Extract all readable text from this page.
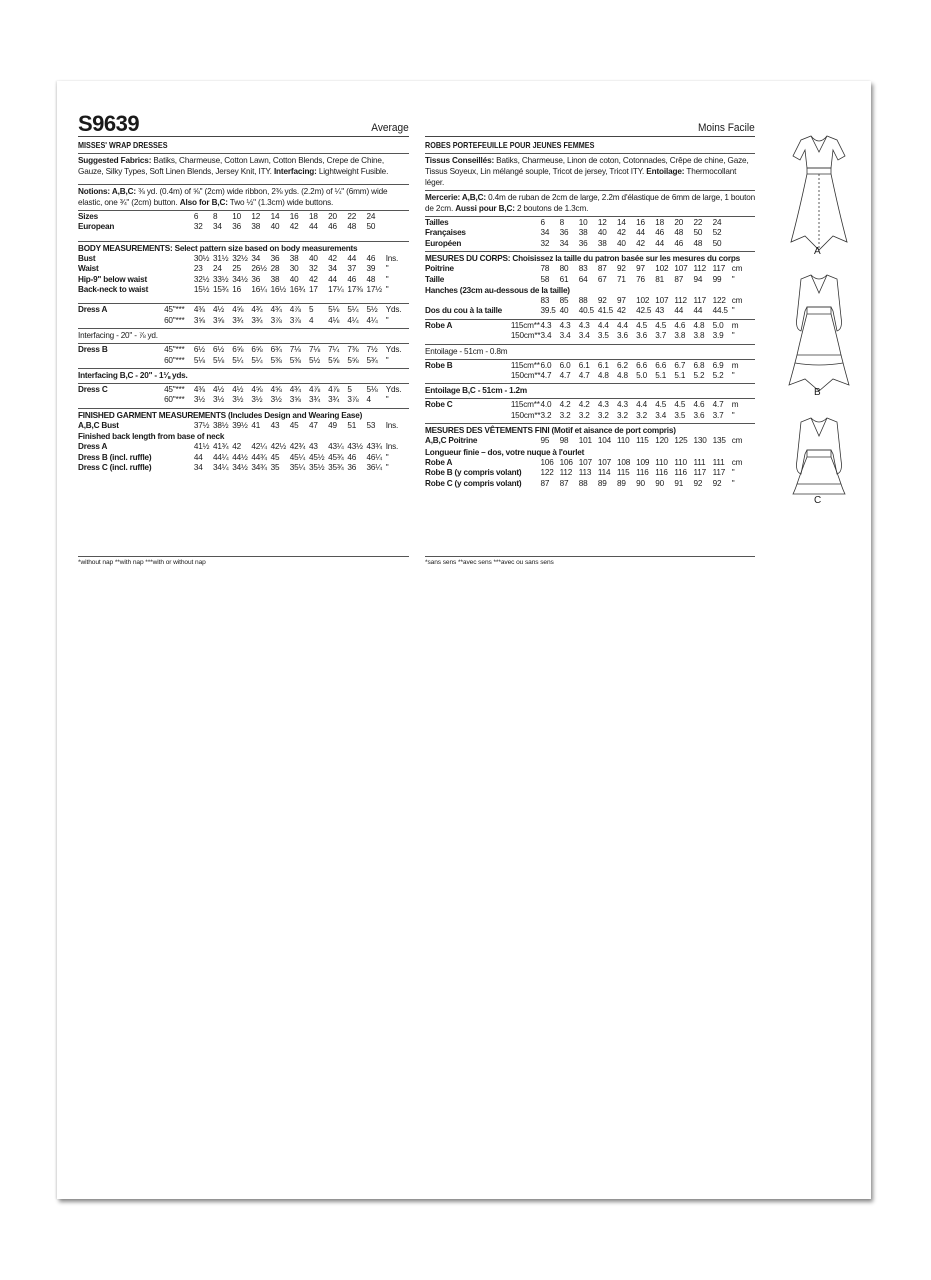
S9639	Average
MISSES' WRAP DRESSES
Suggested Fabrics: Batiks, Charmeuse, Cotton Lawn, Cotton Blends, Crepe de Chine, Gauze, Silky Types, Soft Linen Blends, Jersey Knit, ITY. Interfacing: Lightweight Fusible.
Notions: A,B,C: ⅜ yd. (0.4m) of ⅝" (2cm) wide ribbon, 2⅜ yds. (2.2m) of ¼" (6mm) wide elastic, one ¾" (2cm) button. Also for B,C: Two ½" (1.3cm) wide buttons.
Sizes		6	8	10	12	14	16	18	20	22	24	
European		32	34	36	38	40	42	44	46	48	50	
BODY MEASUREMENTS: Select pattern size based on body measurements
Bust		30½	31½	32½	34	36	38	40	42	44	46	Ins.
Waist		23	24	25	26½	28	30	32	34	37	39	"
Hip-9" below waist		32½	33½	34½	36	38	40	42	44	46	48	"
Back-neck to waist		15½	15¾	16	16¼	16½	16¾	17	17¼	17⅜	17½	"
Dress A	45"***	4⅜	4½	4⅝	4¾	4¾	4⅞	5	5⅛	5¼	5½	Yds.
	60"***	3⅝	3⅝	3¾	3¾	3⅞	3⅞	4	4⅛	4¼	4¼	"
Interfacing - 20" - ⅞ yd.
Dress B	45"***	6½	6½	6⅝	6⅝	6¾	7⅛	7⅛	7¼	7⅜	7½	Yds.
	60"***	5⅛	5⅛	5¼	5¼	5⅜	5⅜	5½	5⅝	5⅝	5¾	"
Interfacing B,C - 20" - 1⅛ yds.
Dress C	45"***	4⅜	4½	4½	4⅝	4⅝	4¾	4⅞	4⅞	5	5⅛	Yds.
	60"***	3½	3½	3½	3½	3½	3⅝	3¾	3¾	3⅞	4	"
FINISHED GARMENT MEASUREMENTS (Includes Design and Wearing Ease)
A,B,C Bust		37½	38½	39½	41	43	45	47	49	51	53	Ins.
Finished back length from base of neck
Dress A		41½	41¾	42	42¼	42½	42¾	43	43¼	43½	43¾	Ins.
Dress B (incl. ruffle)		44	44¼	44½	44¾	45	45¼	45½	45¾	46	46¼	"
Dress C (incl. ruffle)		34	34¼	34½	34¾	35	35¼	35½	35¾	36	36¼	"
Moins Facile
ROBES PORTEFEUILLE POUR JEUNES FEMMES
Tissus Conseillés: Batiks, Charmeuse, Linon de coton, Cotonnades, Crêpe de chine, Gaze, Tissus Soyeux, Lin mélangé souple, Tricot de jersey, Tricot ITY. Entoilage: Thermocollant léger.
Mercerie: A,B,C: 0.4m de ruban de 2cm de large, 2.2m d'élastique de 6mm de large, 1 bouton de 2cm. Aussi pour B,C: 2 boutons de 1.3cm.
Tailles		6	8	10	12	14	16	18	20	22	24	
Françaises		34	36	38	40	42	44	46	48	50	52	
Européen		32	34	36	38	40	42	44	46	48	50	
MESURES DU CORPS: Choisissez la taille du patron basée sur les mesures du corps
Poitrine		78	80	83	87	92	97	102	107	112	117	cm
Taille		58	61	64	67	71	76	81	87	94	99	"
Hanches (23cm au-dessous de la taille)
		83	85	88	92	97	102	107	112	117	122	cm
Dos du cou à la taille		39.5	40	40.5	41.5	42	42.5	43	44	44	44.5	"
Robe A	115cm**	4.3	4.3	4.3	4.4	4.4	4.5	4.5	4.6	4.8	5.0	m
	150cm**	3.4	3.4	3.4	3.5	3.6	3.6	3.7	3.8	3.8	3.9	"
Entoilage - 51cm - 0.8m
Robe B	115cm**	6.0	6.0	6.1	6.1	6.2	6.6	6.6	6.7	6.8	6.9	m
	150cm**	4.7	4.7	4.7	4.8	4.8	5.0	5.1	5.1	5.2	5.2	"
Entoilage B,C - 51cm - 1.2m
Robe C	115cm**	4.0	4.2	4.2	4.3	4.3	4.4	4.5	4.5	4.6	4.7	m
	150cm**	3.2	3.2	3.2	3.2	3.2	3.2	3.4	3.5	3.6	3.7	"
MESURES DES VÊTEMENTS FINI (Motif et aisance de port compris)
A,B,C Poitrine		95	98	101	104	110	115	120	125	130	135	cm
Longueur finie – dos, votre nuque à l'ourlet
Robe A		106	106	107	107	108	109	110	110	111	111	cm
Robe B (y compris volant)		122	112	113	114	115	116	116	116	117	117	"
Robe C (y compris volant)		87	87	88	89	89	90	90	91	92	92	"
*without nap **with nap ***with or without nap	*sans sens **avec sens ***avec ou sans sens
A
B
C
